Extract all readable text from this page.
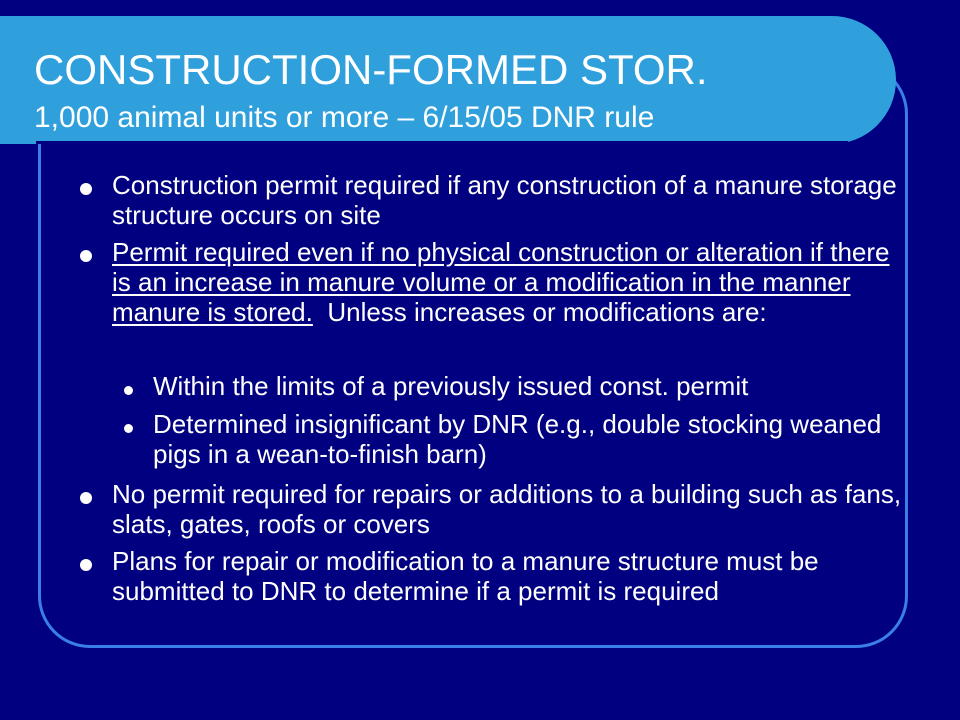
CONSTRUCTION-FORMED STOR.
1,000 animal units or more – 6/15/05 DNR rule
Construction permit required if any construction of a manure storage structure occurs on site
Permit required even if no physical construction or alteration if there is an increase in manure volume or a modification in the manner manure is stored. Unless increases or modifications are:
Within the limits of a previously issued const. permit
Determined insignificant by DNR (e.g., double stocking weaned pigs in a wean-to-finish barn)
No permit required for repairs or additions to a building such as fans, slats, gates, roofs or covers
Plans for repair or modification to a manure structure must be submitted to DNR to determine if a permit is required
